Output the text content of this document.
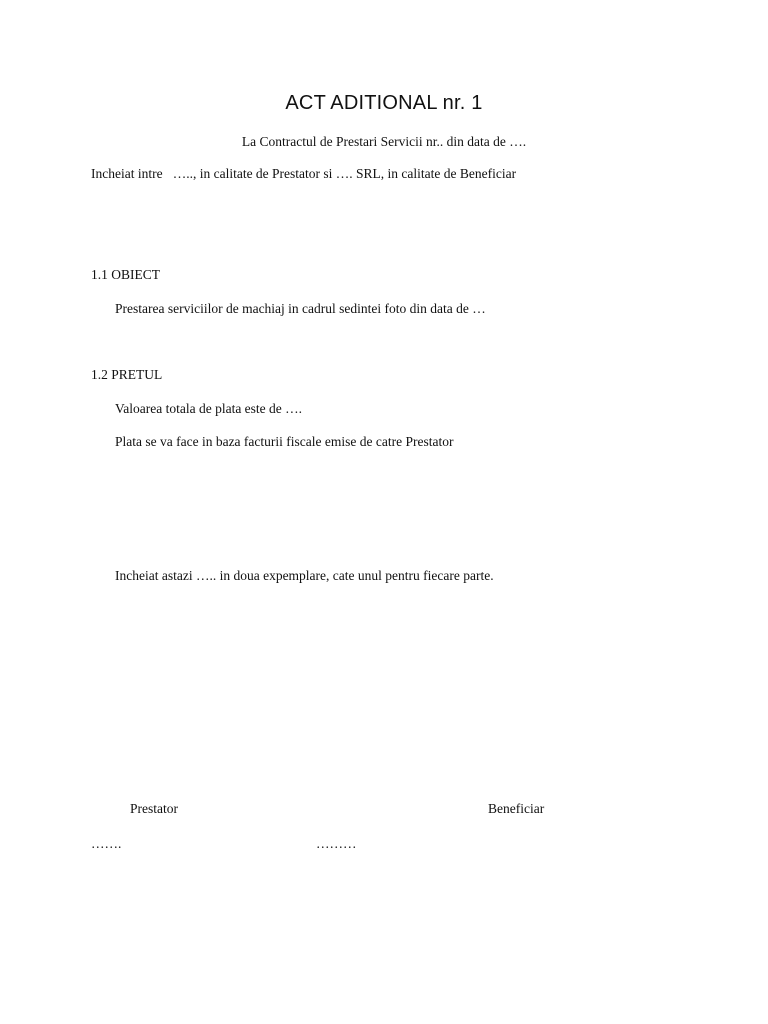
ACT ADITIONAL nr. 1
La Contractul de Prestari Servicii nr.. din data de ….
Incheiat intre   ….., in calitate de Prestator si …. SRL, in calitate de Beneficiar
1.1 OBIECT
Prestarea serviciilor de machiaj in cadrul sedintei foto din data de …
1.2 PRETUL
Valoarea totala de plata este de ….
Plata se va face in baza facturii fiscale emise de catre Prestator
Incheiat astazi ….. in doua expemplare, cate unul pentru fiecare parte.
Prestator	Beneficiar
…….	………
